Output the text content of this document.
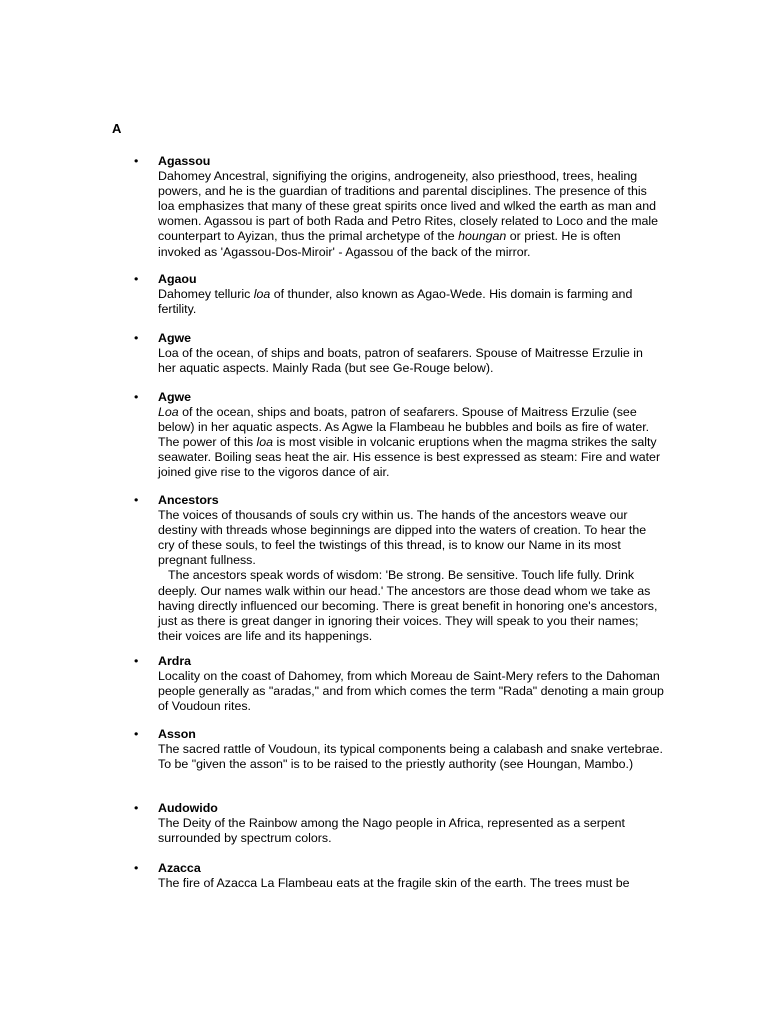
A
•	Agassou
Dahomey Ancestral, signifiying the origins, androgeneity, also priesthood, trees, healing powers, and he is the guardian of traditions and parental disciplines. The presence of this loa emphasizes that many of these great spirits once lived and wlked the earth as man and women. Agassou is part of both Rada and Petro Rites, closely related to Loco and the male counterpart to Ayizan, thus the primal archetype of the houngan or priest. He is often invoked as 'Agassou-Dos-Miroir' - Agassou of the back of the mirror.
•	Agaou
Dahomey telluric loa of thunder, also known as Agao-Wede. His domain is farming and fertility.
•	Agwe
Loa of the ocean, of ships and boats, patron of seafarers. Spouse of Maitresse Erzulie in her aquatic aspects. Mainly Rada (but see Ge-Rouge below).
•	Agwe
Loa of the ocean, ships and boats, patron of seafarers. Spouse of Maitress Erzulie (see below) in her aquatic aspects. As Agwe la Flambeau he bubbles and boils as fire of water. The power of this loa is most visible in volcanic eruptions when the magma strikes the salty seawater. Boiling seas heat the air. His essence is best expressed as steam: Fire and water joined give rise to the vigoros dance of air.
•	Ancestors
The voices of thousands of souls cry within us. The hands of the ancestors weave our destiny with threads whose beginnings are dipped into the waters of creation. To hear the cry of these souls, to feel the twistings of this thread, is to know our Name in its most pregnant fullness.
The ancestors speak words of wisdom: 'Be strong. Be sensitive. Touch life fully. Drink deeply. Our names walk within our head.' The ancestors are those dead whom we take as having directly influenced our becoming. There is great benefit in honoring one's ancestors, just as there is great danger in ignoring their voices. They will speak to you their names; their voices are life and its happenings.
•	Ardra
Locality on the coast of Dahomey, from which Moreau de Saint-Mery refers to the Dahoman people generally as "aradas," and from which comes the term "Rada" denoting a main group of Voudoun rites.
•	Asson
The sacred rattle of Voudoun, its typical components being a calabash and snake vertebrae. To be "given the asson" is to be raised to the priestly authority (see Houngan, Mambo.)
•	Audowido
The Deity of the Rainbow among the Nago people in Africa, represented as a serpent surrounded by spectrum colors.
•	Azacca
The fire of Azacca La Flambeau eats at the fragile skin of the earth. The trees must be
